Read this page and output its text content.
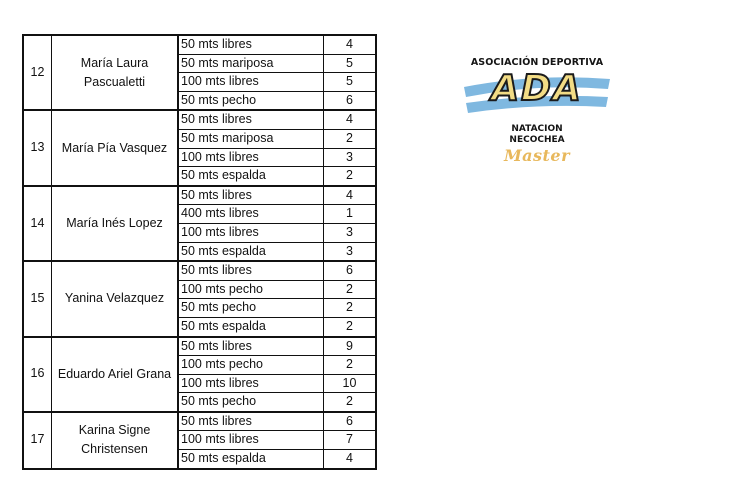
12	María Laura Pascualetti	50 mts libres	4
		50 mts mariposa	5
		100 mts libres	5
		50 mts pecho	6
13	María Pía Vasquez	50 mts libres	4
		50 mts mariposa	2
		100 mts libres	3
		50 mts espalda	2
14	María Inés Lopez	50 mts libres	4
		400 mts libres	1
		100 mts libres	3
		50 mts espalda	3
15	Yanina Velazquez	50 mts libres	6
		100 mts pecho	2
		50 mts pecho	2
		50 mts espalda	2
16	Eduardo Ariel Grana	50 mts libres	9
		100 mts pecho	2
		100 mts libres	10
		50 mts pecho	2
17	Karina Signe Christensen	50 mts libres	6
		100 mts libres	7
		50 mts espalda	4
ASOCIACIÓN DEPORTIVA
ADA
NATACION
NECOCHEA
Master
